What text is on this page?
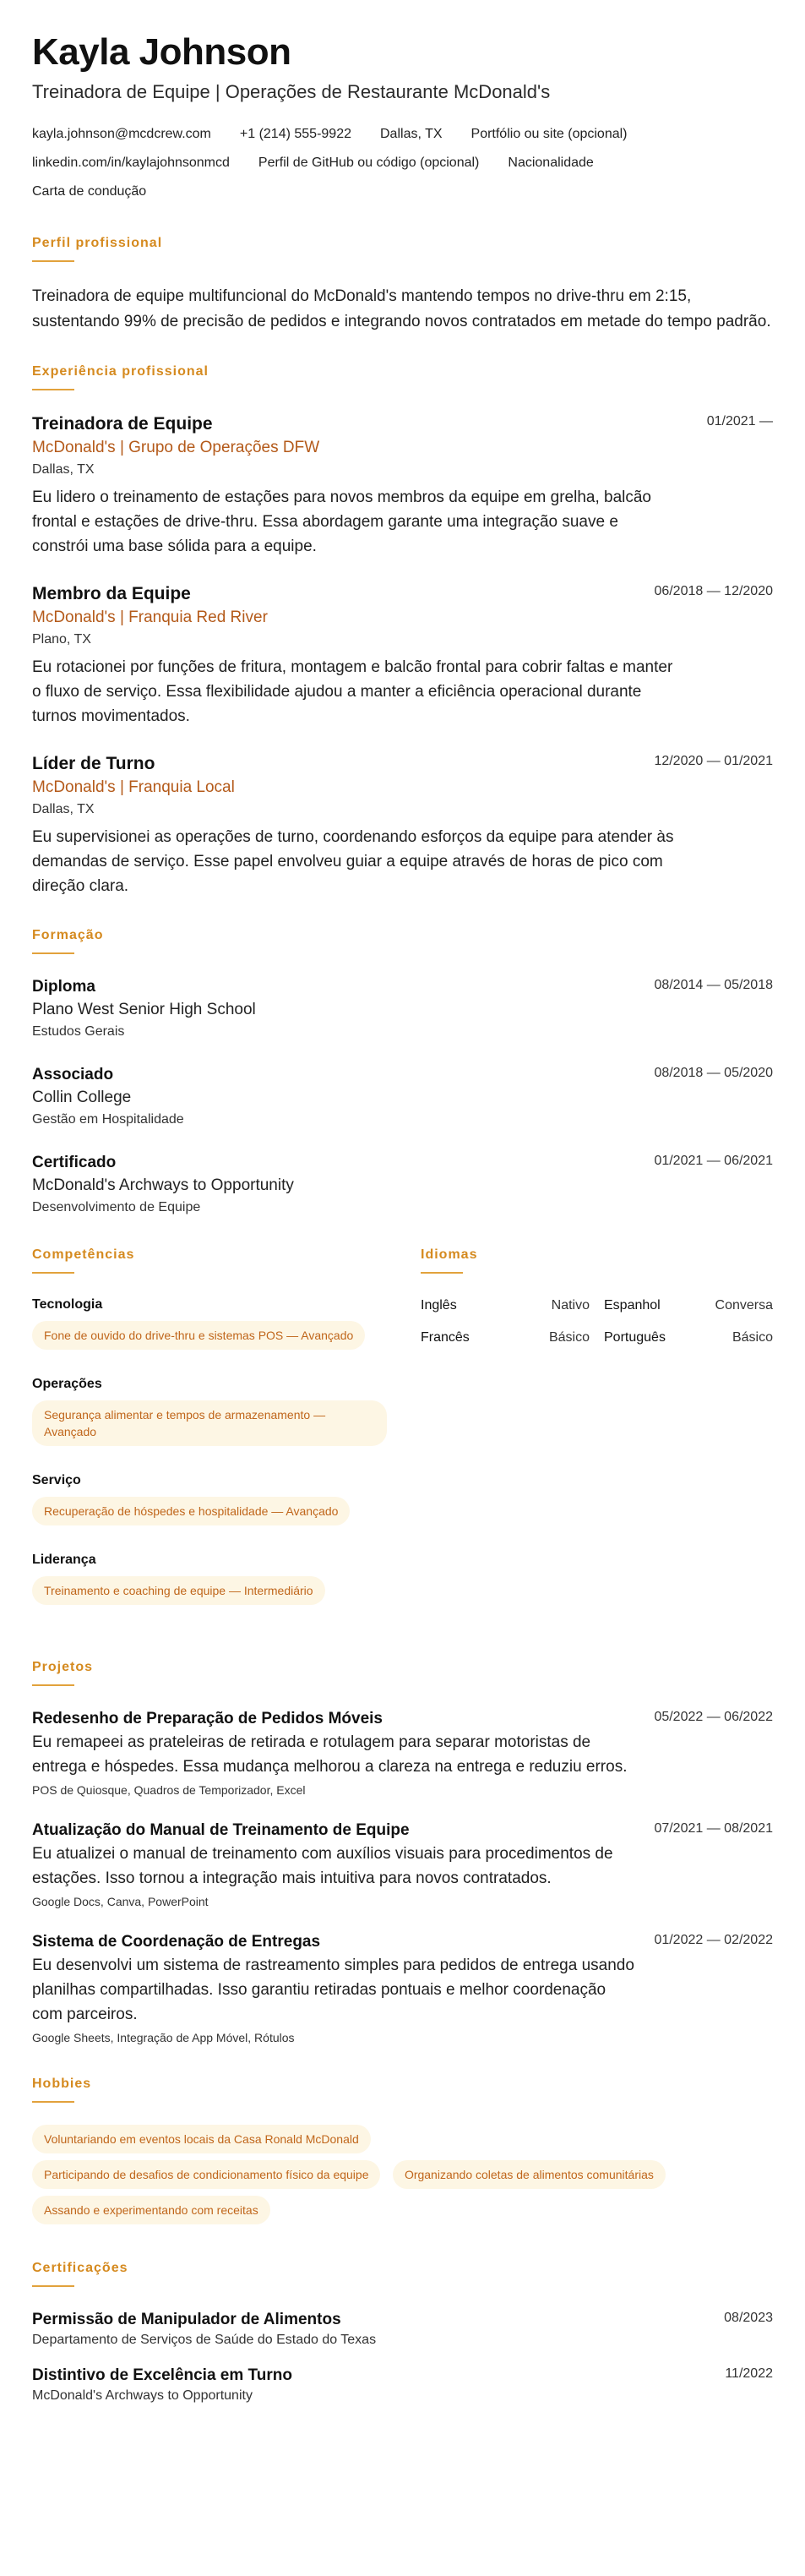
Kayla Johnson
Treinadora de Equipe | Operações de Restaurante McDonald's
kayla.johnson@mcdcrew.com +1 (214) 555-9922 Dallas, TX Portfólio ou site (opcional)
linkedin.com/in/kaylajohnsonmcd Perfil de GitHub ou código (opcional) Nacionalidade
Carta de condução
Perfil profissional

Treinadora de equipe multifuncional do McDonald's mantendo tempos no drive-thru em 2:15, sustentando 99% de precisão de pedidos e integrando novos contratados em metade do tempo padrão.

Experiência profissional
01/2021 —
Treinadora de Equipe
McDonald's | Grupo de Operações DFW
Dallas, TX

Eu lidero o treinamento de estações para novos membros da equipe em grelha, balcão frontal e estações de drive-thru. Essa abordagem garante uma integração suave e constrói uma base sólida para a equipe.

06/2018 — 12/2020
Membro da Equipe
McDonald's | Franquia Red River
Plano, TX

Eu rotacionei por funções de fritura, montagem e balcão frontal para cobrir faltas e manter o fluxo de serviço. Essa flexibilidade ajudou a manter a eficiência operacional durante turnos movimentados.

12/2020 — 01/2021
Líder de Turno
McDonald's | Franquia Local
Dallas, TX

Eu supervisionei as operações de turno, coordenando esforços da equipe para atender às demandas de serviço. Esse papel envolveu guiar a equipe através de horas de pico com direção clara.

Formação
08/2014 — 05/2018
Diploma
Plano West Senior High School
Estudos Gerais
08/2018 — 05/2020
Associado
Collin College
Gestão em Hospitalidade
01/2021 — 06/2021
Certificado
McDonald's Archways to Opportunity
Desenvolvimento de Equipe
Competências
Tecnologia
Fone de ouvido do drive-thru e sistemas POS — Avançado
Operações
Segurança alimentar e tempos de armazenamento — Avançado
Serviço
Recuperação de hóspedes e hospitalidade — Avançado
Liderança
Treinamento e coaching de equipe — Intermediário
Idiomas
Inglês	Nativo Espanhol	Conversa
Francês	Básico Português	Básico
Projetos
05/2022 — 06/2022
Redesenho de Preparação de Pedidos Móveis

Eu remapeei as prateleiras de retirada e rotulagem para separar motoristas de entrega e hóspedes. Essa mudança melhorou a clareza na entrega e reduziu erros.

POS de Quiosque, Quadros de Temporizador, Excel
07/2021 — 08/2021
Atualização do Manual de Treinamento de Equipe

Eu atualizei o manual de treinamento com auxílios visuais para procedimentos de estações. Isso tornou a integração mais intuitiva para novos contratados.

Google Docs, Canva, PowerPoint
01/2022 — 02/2022
Sistema de Coordenação de Entregas

Eu desenvolvi um sistema de rastreamento simples para pedidos de entrega usando planilhas compartilhadas. Isso garantiu retiradas pontuais e melhor coordenação com parceiros.

Google Sheets, Integração de App Móvel, Rótulos
Hobbies
Voluntariando em eventos locais da Casa Ronald McDonald
Participando de desafios de condicionamento físico da equipe	Organizando coletas de alimentos comunitárias
Assando e experimentando com receitas
Certificações
08/2023
Permissão de Manipulador de Alimentos
Departamento de Serviços de Saúde do Estado do Texas
11/2022
Distintivo de Excelência em Turno
McDonald's Archways to Opportunity
